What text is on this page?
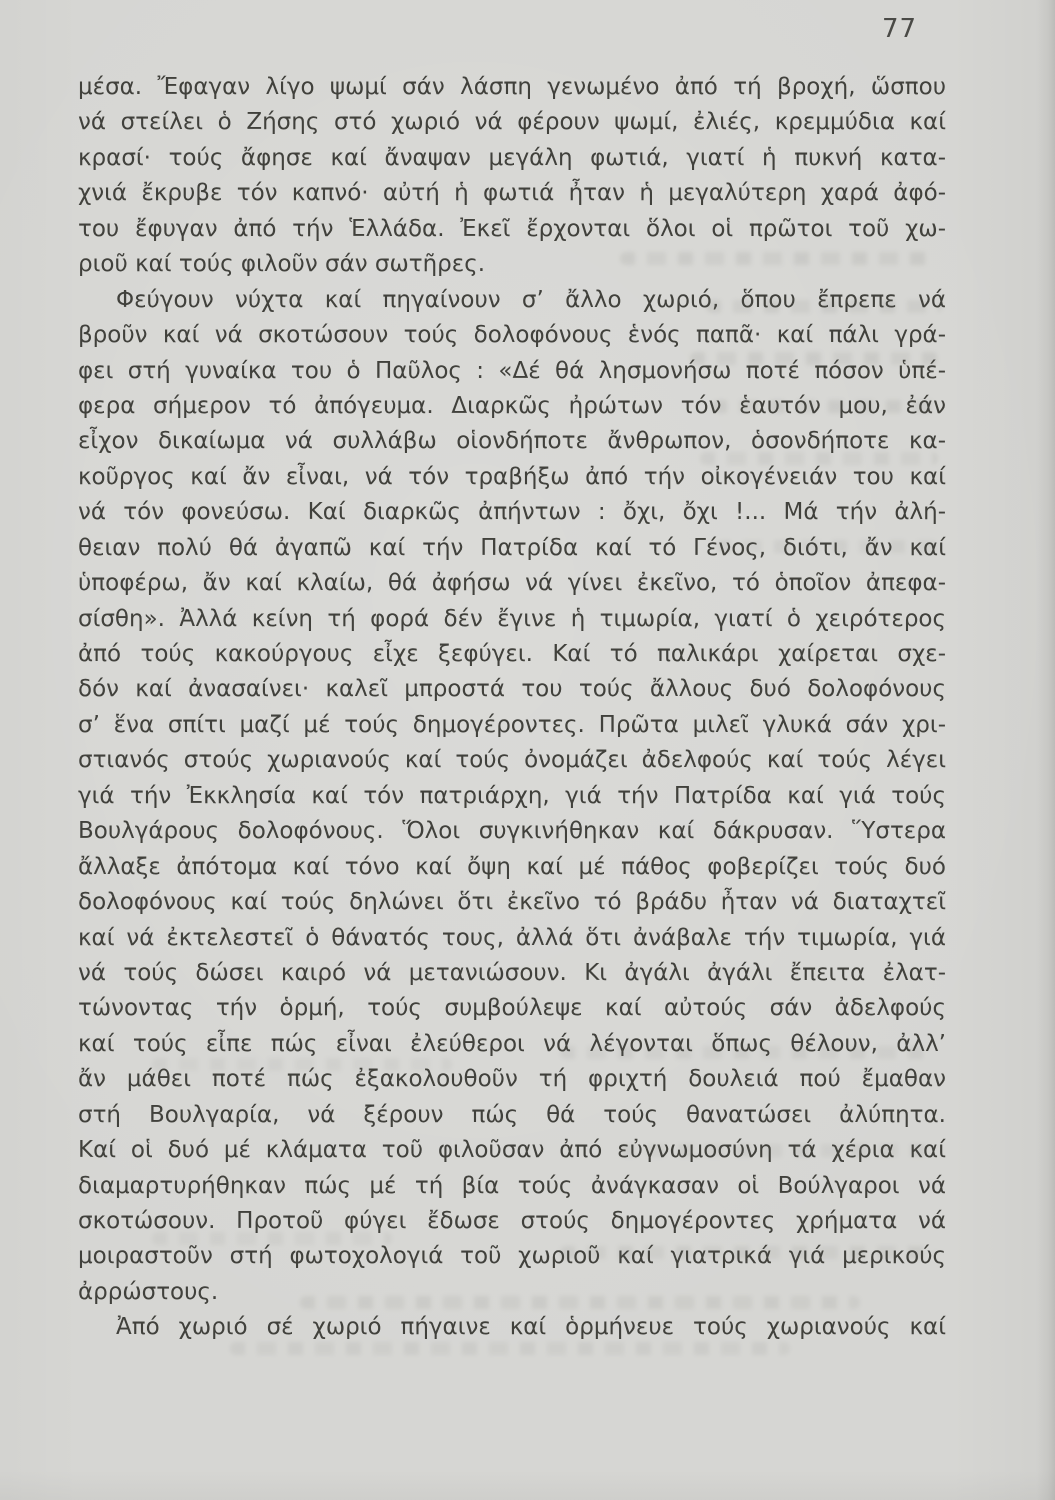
77
μέσα. Ἔφαγαν λίγο ψωμί σάν λάσπη γενωμένο ἀπό τή βροχή, ὥσπου
νά στείλει ὁ Ζήσης στό χωριό νά φέρουν ψωμί, ἐλιές, κρεμμύδια καί
κρασί· τούς ἄφησε καί ἄναψαν μεγάλη φωτιά, γιατί ἡ πυκνή κατα-
χνιά ἔκρυβε τόν καπνό· αὐτή ἡ φωτιά ἦταν ἡ μεγαλύτερη χαρά ἀφό-
του ἔφυγαν ἀπό τήν Ἑλλάδα. Ἐκεῖ ἔρχονται ὅλοι οἱ πρῶτοι τοῦ χω-
ριοῦ καί τούς φιλοῦν σάν σωτῆρες.
Φεύγουν νύχτα καί πηγαίνουν σ’ ἄλλο χωριό, ὅπου ἔπρεπε νά
βροῦν καί νά σκοτώσουν τούς δολοφόνους ἑνός παπᾶ· καί πάλι γρά-
φει στή γυναίκα του ὁ Παῦλος : «Δέ θά λησμονήσω ποτέ πόσον ὑπέ-
φερα σήμερον τό ἀπόγευμα. Διαρκῶς ἠρώτων τόν ἑαυτόν μου, ἐάν
εἶχον δικαίωμα νά συλλάβω οἱονδήποτε ἄνθρωπον, ὁσονδήποτε κα-
κοῦργος καί ἄν εἶναι, νά τόν τραβήξω ἀπό τήν οἰκογένειάν του καί
νά τόν φονεύσω. Καί διαρκῶς ἀπήντων : ὄχι, ὄχι !... Μά τήν ἀλή-
θειαν πολύ θά ἀγαπῶ καί τήν Πατρίδα καί τό Γένος, διότι, ἄν καί
ὑποφέρω, ἄν καί κλαίω, θά ἀφήσω νά γίνει ἐκεῖνο, τό ὁποῖον ἀπεφα-
σίσθη». Ἀλλά κείνη τή φορά δέν ἔγινε ἡ τιμωρία, γιατί ὁ χειρότερος
ἀπό τούς κακούργους εἶχε ξεφύγει. Καί τό παλικάρι χαίρεται σχε-
δόν καί ἀνασαίνει· καλεῖ μπροστά του τούς ἄλλους δυό δολοφόνους
σ’ ἕνα σπίτι μαζί μέ τούς δημογέροντες. Πρῶτα μιλεῖ γλυκά σάν χρι-
στιανός στούς χωριανούς καί τούς ὀνομάζει ἀδελφούς καί τούς λέγει
γιά τήν Ἐκκλησία καί τόν πατριάρχη, γιά τήν Πατρίδα καί γιά τούς
Βουλγάρους δολοφόνους. Ὅλοι συγκινήθηκαν καί δάκρυσαν. Ὕστερα
ἄλλαξε ἀπότομα καί τόνο καί ὄψη καί μέ πάθος φοβερίζει τούς δυό
δολοφόνους καί τούς δηλώνει ὅτι ἐκεῖνο τό βράδυ ἦταν νά διαταχτεῖ
καί νά ἐκτελεστεῖ ὁ θάνατός τους, ἀλλά ὅτι ἀνάβαλε τήν τιμωρία, γιά
νά τούς δώσει καιρό νά μετανιώσουν. Κι ἀγάλι ἀγάλι ἔπειτα ἐλατ-
τώνοντας τήν ὁρμή, τούς συμβούλεψε καί αὐτούς σάν ἀδελφούς
καί τούς εἶπε πώς εἶναι ἐλεύθεροι νά λέγονται ὅπως θέλουν, ἀλλ’
ἄν μάθει ποτέ πώς ἐξακολουθοῦν τή φριχτή δουλειά πού ἔμαθαν
στή Βουλγαρία, νά ξέρουν πώς θά τούς θανατώσει ἀλύπητα.
Καί οἱ δυό μέ κλάματα τοῦ φιλοῦσαν ἀπό εὐγνωμοσύνη τά χέρια καί
διαμαρτυρήθηκαν πώς μέ τή βία τούς ἀνάγκασαν οἱ Βούλγαροι νά
σκοτώσουν. Προτοῦ φύγει ἔδωσε στούς δημογέροντες χρήματα νά
μοιραστοῦν στή φωτοχολογιά τοῦ χωριοῦ καί γιατρικά γιά μερικούς
ἀρρώστους.
Ἀπό χωριό σέ χωριό πήγαινε καί ὁρμήνευε τούς χωριανούς καί
